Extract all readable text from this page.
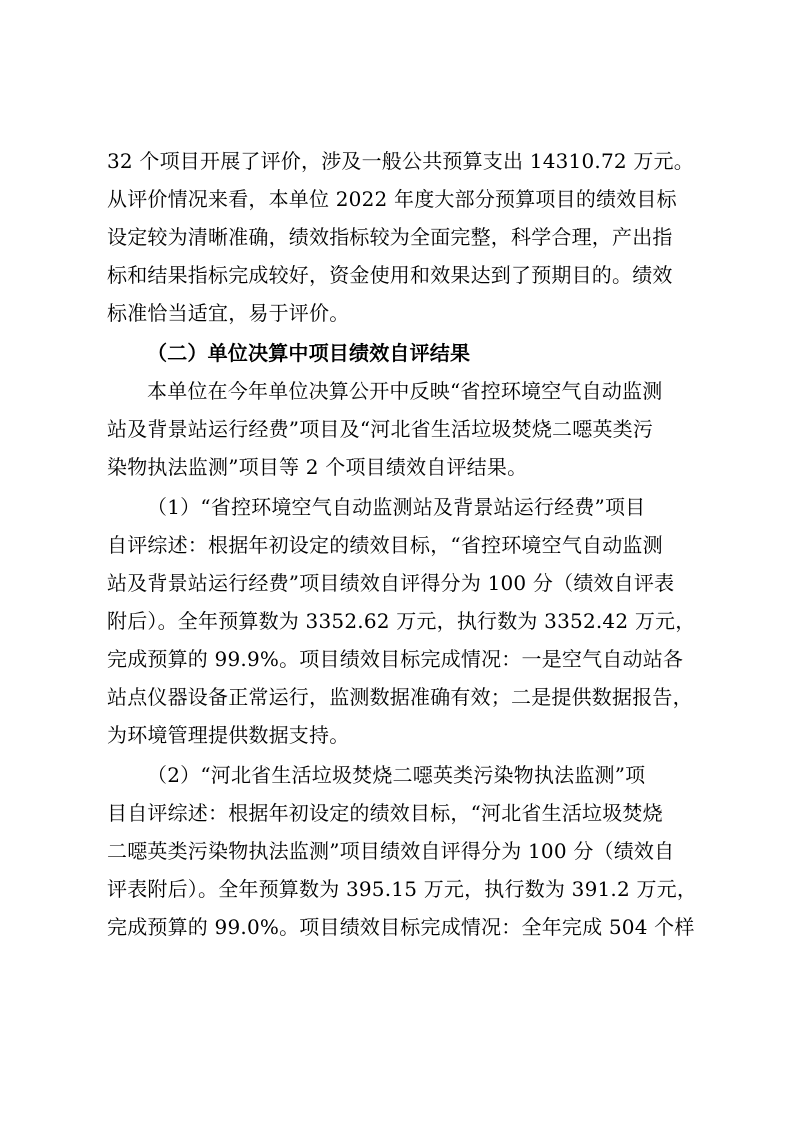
32 个项目开展了评价，涉及一般公共预算支出 14310.72 万元。
从评价情况来看，本单位 2022 年度大部分预算项目的绩效目标
设定较为清晰准确，绩效指标较为全面完整，科学合理，产出指
标和结果指标完成较好，资金使用和效果达到了预期目的。绩效
标准恰当适宜，易于评价。
（二）单位决算中项目绩效自评结果
本单位在今年单位决算公开中反映“省控环境空气自动监测
站及背景站运行经费”项目及“河北省生活垃圾焚烧二噁英类污
染物执法监测”项目等 2 个项目绩效自评结果。
（1）“省控环境空气自动监测站及背景站运行经费”项目
自评综述：根据年初设定的绩效目标，“省控环境空气自动监测
站及背景站运行经费”项目绩效自评得分为 100 分（绩效自评表
附后）。全年预算数为 3352.62 万元，执行数为 3352.42 万元，
完成预算的 99.9%。项目绩效目标完成情况：一是空气自动站各
站点仪器设备正常运行，监测数据准确有效；二是提供数据报告，
为环境管理提供数据支持。
（2）“河北省生活垃圾焚烧二噁英类污染物执法监测”项
目自评综述：根据年初设定的绩效目标，“河北省生活垃圾焚烧
二噁英类污染物执法监测”项目绩效自评得分为 100 分（绩效自
评表附后）。全年预算数为 395.15 万元，执行数为 391.2 万元，
完成预算的 99.0%。项目绩效目标完成情况：全年完成 504 个样
